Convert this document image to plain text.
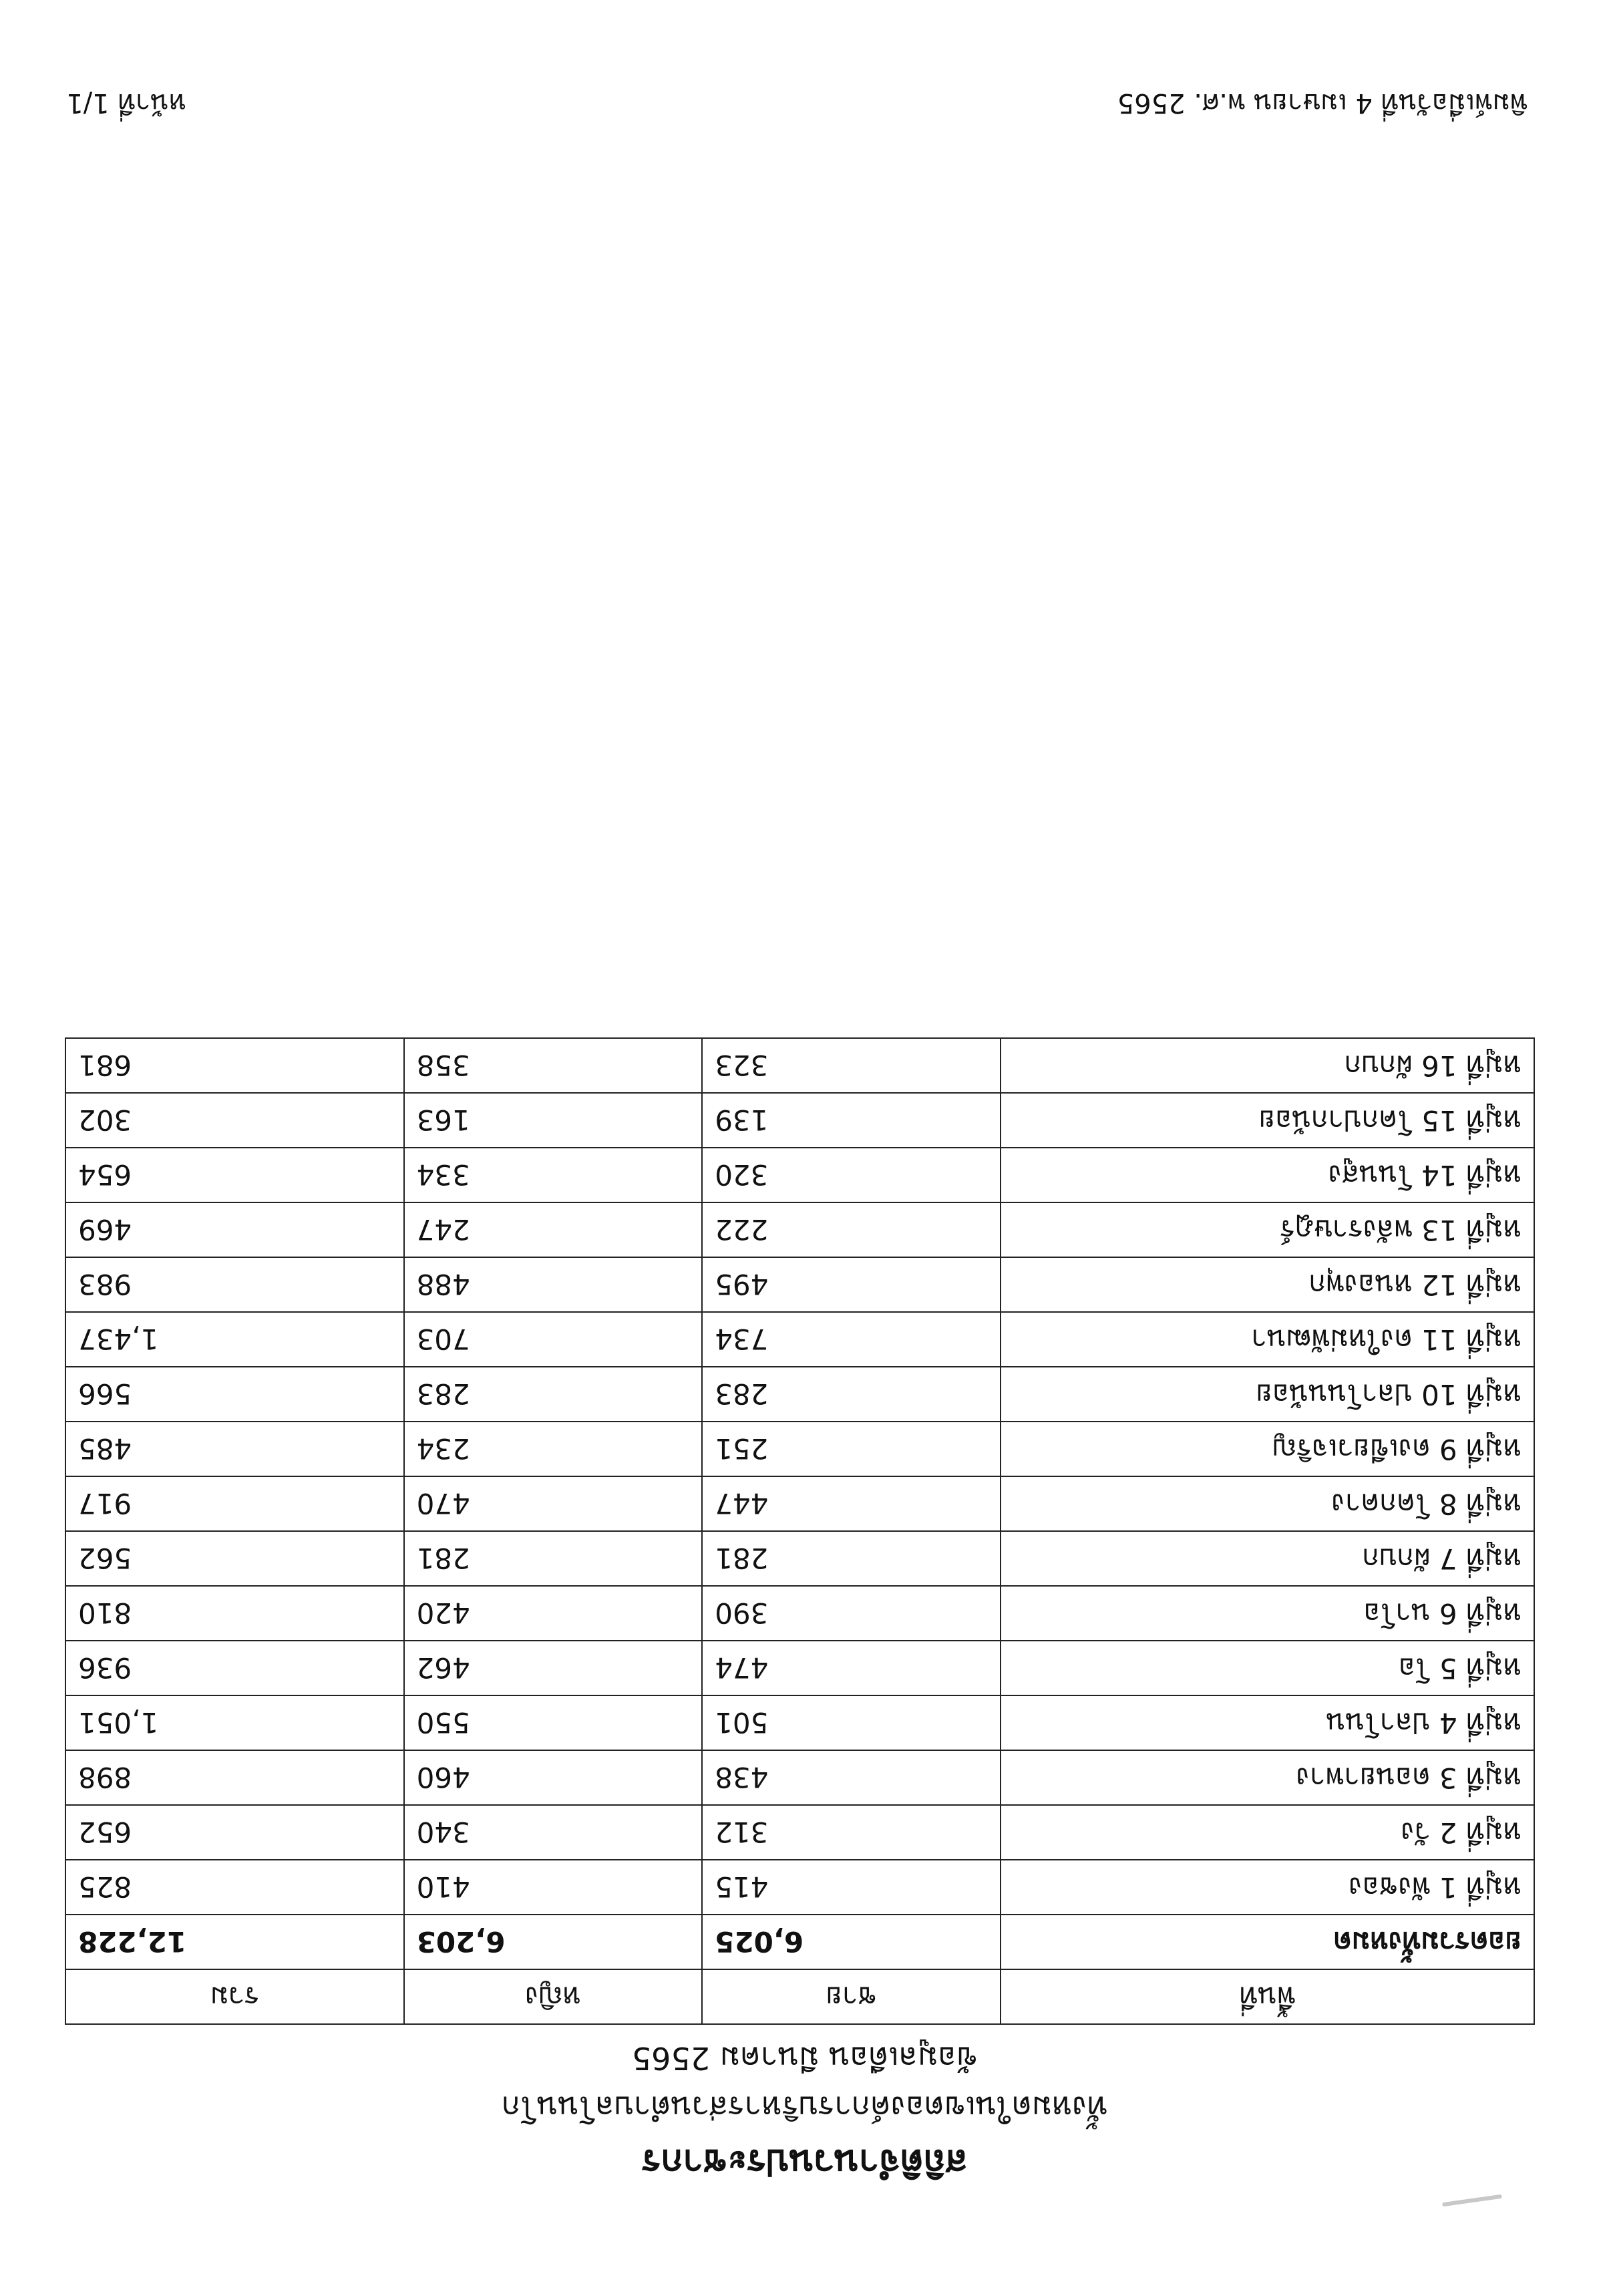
สถิติจำนวนประชากร
ทั้งหมดในเขตองค์การบริหารส่วนตำบลโนนโก
ข้อมูลเดือน มีนาคม 2565
พื้นที่	ชาย	หญิง	รวม
ยอดรวมทั้งหมด	6,025	6,203	12,228
หมู่ที่ 1 พังชอง	415	410	825
หมู่ที่ 2 วัง	312	340	652
หมู่ที่ 3 ดอนยาพาง	438	460	898
หมู่ที่ 4 ปลาโนน	501	550	1,051
หมู่ที่ 5 โอ	474	462	936
หมู่ที่ 6 นาโอ	390	420	810
หมู่ที่ 7 ผักบก	281	281	562
หมู่ที่ 8 โคกคาง	447	470	917
หมู่ที่ 9 ดงเขียวเจริญ	251	234	485
หมู่ที่ 10 ปลาโนนน้อย	283	283	566
หมู่ที่ 11 ดงใหม่พัฒนา	734	703	1,437
หมู่ที่ 12 หนองพุก	495	488	983
หมู่ที่ 13 พลังราษฎร์	222	247	469
หมู่ที่ 14 โนนสูง	320	334	654
หมู่ที่ 15 โคกปากน้อย	139	163	302
หมู่ที่ 16 ผักบก	323	358	681
พิมพ์เมื่อวันที่ 4 เมษายน พ.ศ. 2565
หน้าที่ 1/1
